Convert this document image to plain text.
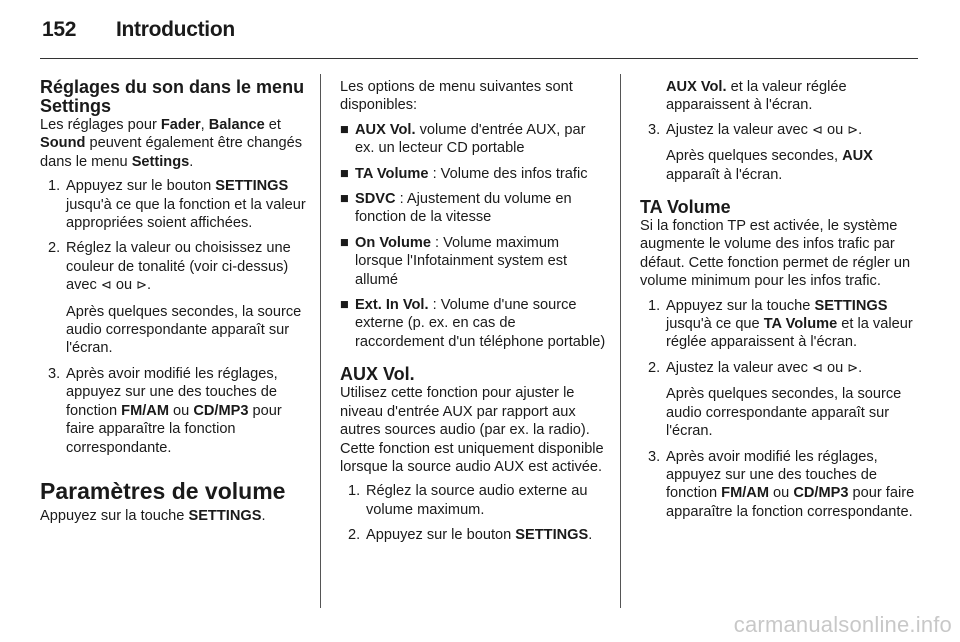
152 Introduction
Réglages du son dans le menu Settings

Les réglages pour Fader, Balance et Sound peuvent également être changés dans le menu Settings.

1. Appuyez sur le bouton SETTINGS jusqu'à ce que la fonction et la valeur appropriées soient affichées.
2. Réglez la valeur ou choisissez une couleur de tonalité (voir ci-dessus) avec ⊲ ou ⊳.
Après quelques secondes, la source audio correspondante apparaît sur l'écran.
3. Après avoir modifié les réglages, appuyez sur une des touches de fonction FM/AM ou CD/MP3 pour faire apparaître la fonction correspondante.
Paramètres de volume

Appuyez sur la touche SETTINGS.

Les options de menu suivantes sont disponibles:

■ AUX Vol. volume d'entrée AUX, par ex. un lecteur CD portable
■ TA Volume : Volume des infos trafic
■ SDVC : Ajustement du volume en fonction de la vitesse
■ On Volume : Volume maximum lorsque l'Infotainment system est allumé
■ Ext. In Vol. : Volume d'une source externe (p. ex. en cas de raccordement d'un téléphone portable)
AUX Vol.

Utilisez cette fonction pour ajuster le niveau d'entrée AUX par rapport aux autres sources audio (par ex. la radio). Cette fonction est uniquement disponible lorsque la source audio AUX est activée.

1. Réglez la source audio externe au volume maximum.
2. Appuyez sur le bouton SETTINGS.

AUX Vol. et la valeur réglée apparaissent à l'écran.

3. Ajustez la valeur avec ⊲ ou ⊳.
Après quelques secondes, AUX apparaît à l'écran.
TA Volume

Si la fonction TP est activée, le système augmente le volume des infos trafic par défaut. Cette fonction permet de régler un volume minimum pour les infos trafic.

1. Appuyez sur la touche SETTINGS jusqu'à ce que TA Volume et la valeur réglée apparaissent à l'écran.
2. Ajustez la valeur avec ⊲ ou ⊳.
Après quelques secondes, la source audio correspondante apparaît sur l'écran.
3. Après avoir modifié les réglages, appuyez sur une des touches de fonction FM/AM ou CD/MP3 pour faire apparaître la fonction correspondante.
carmanualsonline.info
